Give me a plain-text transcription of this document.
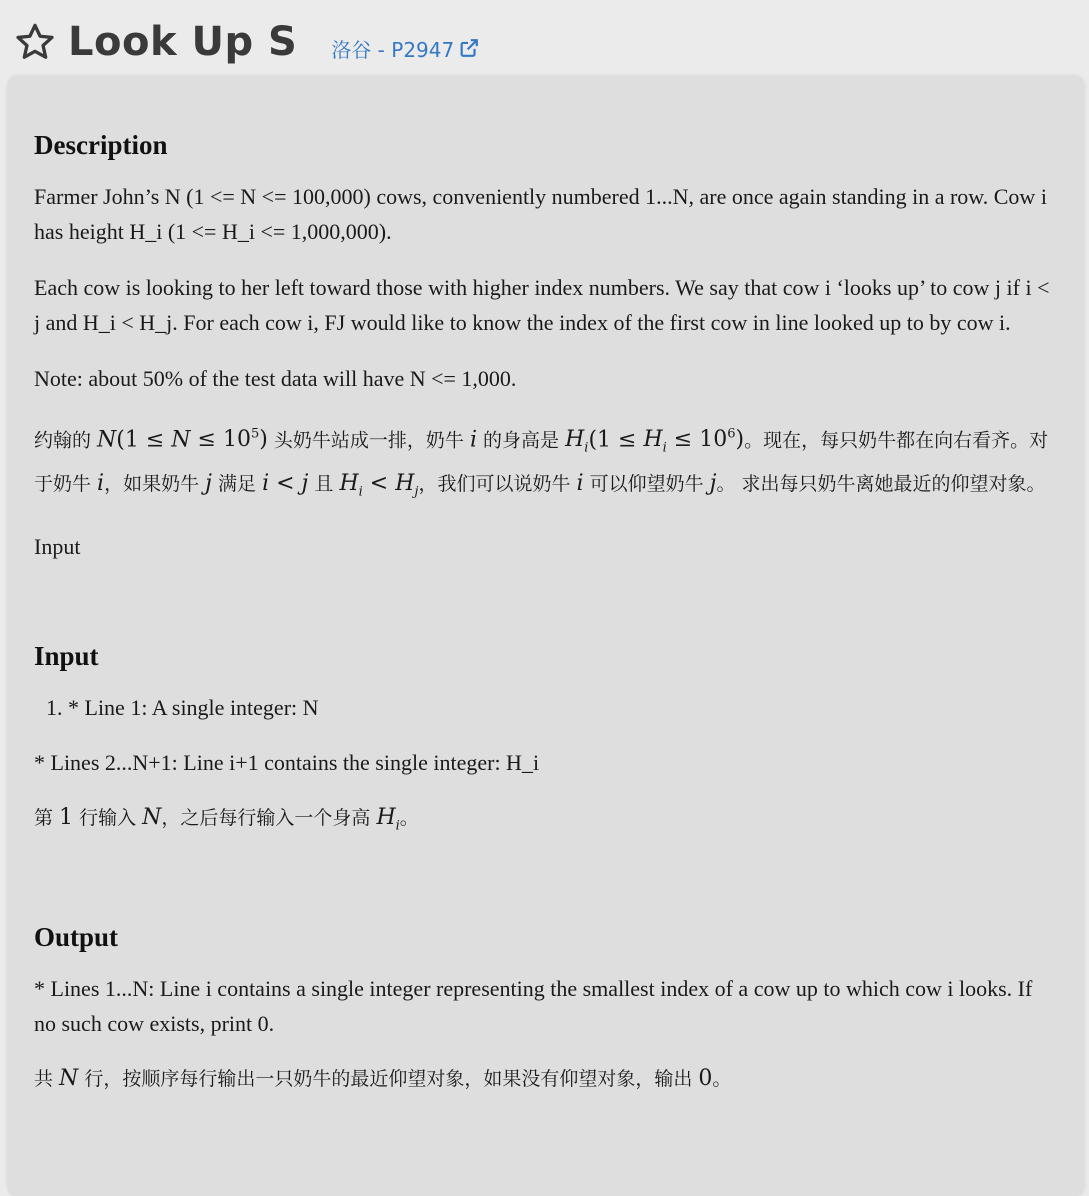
Look Up S 洛谷 - P2947
Description

Farmer John’s N (1 <= N <= 100,000) cows, conveniently numbered 1...N, are once again standing in a row. Cow i has height H_i (1 <= H_i <= 1,000,000).

Each cow is looking to her left toward those with higher index numbers. We say that cow i ‘looks up’ to cow j if i < j and H_i < H_j. For each cow i, FJ would like to know the index of the first cow in line looked up to by cow i.

Note: about 50% of the test data will have N <= 1,000.

约翰的 $N(1 \le N \le 10^5)$ 头奶牛站成一排，奶牛 i 的身高是 $H_i(1 \le H_i \le 10^6)$。现在，每只奶牛都在向右看齐。对于奶牛 i，如果奶牛 j 满足 i < j 且 $H_i < H_j$，我们可以说奶牛 i 可以仰望奶牛 j。 求出每只奶牛离她最近的仰望对象。

Input

Input
1. * Line 1: A single integer: N

* Lines 2...N+1: Line i+1 contains the single integer: H_i

第 1 行输入 N，之后每行输入一个身高 $H_i$。

Output

* Lines 1...N: Line i contains a single integer representing the smallest index of a cow up to which cow i looks. If no such cow exists, print 0.

共 N 行，按顺序每行输出一只奶牛的最近仰望对象，如果没有仰望对象，输出 0。
